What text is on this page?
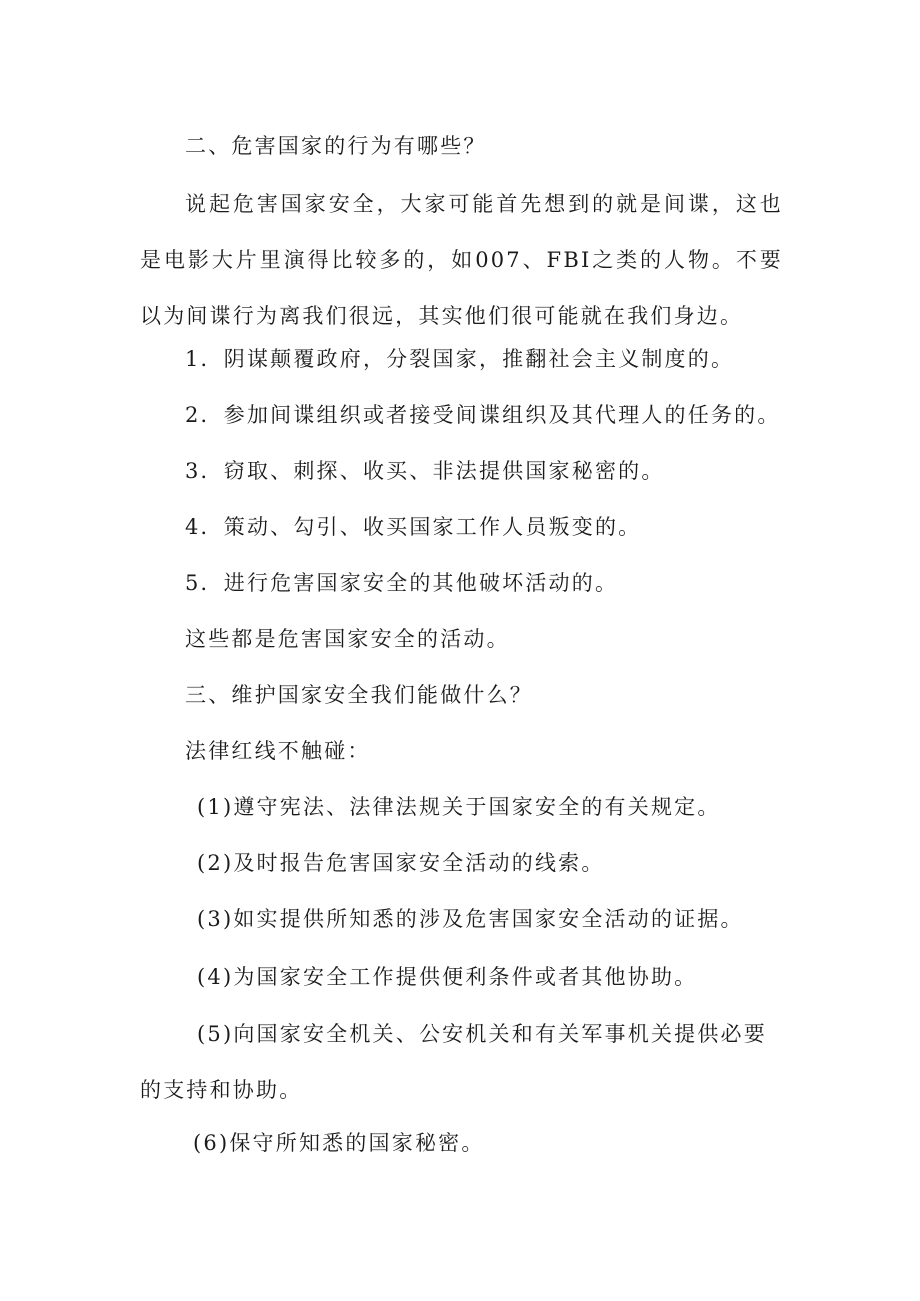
二、危害国家的行为有哪些？

说起危害国家安全，大家可能首先想到的就是间谍，这也是电影大片里演得比较多的，如007、FBI之类的人物。不要以为间谍行为离我们很远，其实他们很可能就在我们身边。

1．阴谋颠覆政府，分裂国家，推翻社会主义制度的。

2．参加间谍组织或者接受间谍组织及其代理人的任务的。

3．窃取、刺探、收买、非法提供国家秘密的。

4．策动、勾引、收买国家工作人员叛变的。

5．进行危害国家安全的其他破坏活动的。

这些都是危害国家安全的活动。

三、维护国家安全我们能做什么？

法律红线不触碰：

(1)遵守宪法、法律法规关于国家安全的有关规定。

(2)及时报告危害国家安全活动的线索。

(3)如实提供所知悉的涉及危害国家安全活动的证据。

(4)为国家安全工作提供便利条件或者其他协助。

(5)向国家安全机关、公安机关和有关军事机关提供必要的支持和协助。

(6)保守所知悉的国家秘密。
